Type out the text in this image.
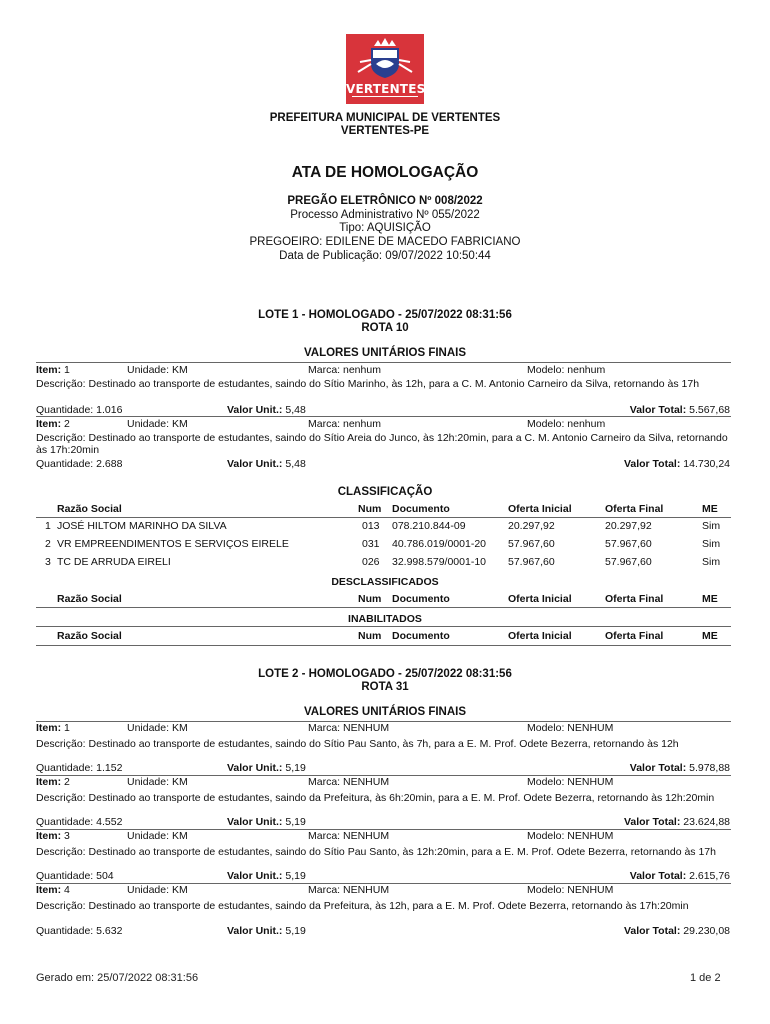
VERTENTES
PREFEITURA MUNICIPAL DE VERTENTES
VERTENTES-PE
ATA DE HOMOLOGAÇÃO
PREGÃO ELETRÔNICO Nº 008/2022
Processo Administrativo Nº 055/2022
Tipo: AQUISIÇÃO
PREGOEIRO: EDILENE DE MACEDO FABRICIANO
Data de Publicação: 09/07/2022 10:50:44
LOTE 1 - HOMOLOGADO - 25/07/2022 08:31:56
ROTA 10
VALORES UNITÁRIOS FINAIS
Item: 1	Unidade: KM	Marca: nenhum	Modelo: nenhum
Descrição: Destinado ao transporte de estudantes, saindo do Sítio Marinho, às 12h, para a C. M. Antonio Carneiro da Silva, retornando às 17h
Quantidade: 1.016	Valor Unit.: 5,48	Valor Total: 5.567,68
Item: 2	Unidade: KM	Marca: nenhum	Modelo: nenhum
Descrição: Destinado ao transporte de estudantes, saindo do Sítio Areia do Junco, às 12h:20min, para a C. M. Antonio Carneiro da Silva, retornando às 17h:20min
Quantidade: 2.688	Valor Unit.: 5,48	Valor Total: 14.730,24
CLASSIFICAÇÃO
Razão Social	Num Documento	Oferta Inicial	Oferta Final	ME
1 JOSÉ HILTOM MARINHO DA SILVA	013 078.210.844-09	20.297,92	20.297,92	Sim
2 VR EMPREENDIMENTOS E SERVIÇOS EIRELE	031 40.786.019/0001-20 57.967,60	57.967,60	Sim
3 TC DE ARRUDA EIRELI	026 32.998.579/0001-10 57.967,60	57.967,60	Sim
DESCLASSIFICADOS
Razão Social	Num Documento	Oferta Inicial	Oferta Final	ME
INABILITADOS
Razão Social	Num Documento	Oferta Inicial	Oferta Final	ME
LOTE 2 - HOMOLOGADO - 25/07/2022 08:31:56
ROTA 31
VALORES UNITÁRIOS FINAIS
Item: 1	Unidade: KM	Marca: NENHUM	Modelo: NENHUM
Descrição: Destinado ao transporte de estudantes, saindo do Sítio Pau Santo, às 7h, para a E. M. Prof. Odete Bezerra, retornando às 12h
Quantidade: 1.152	Valor Unit.: 5,19	Valor Total: 5.978,88
Item: 2	Unidade: KM	Marca: NENHUM	Modelo: NENHUM
Descrição: Destinado ao transporte de estudantes, saindo da Prefeitura, às 6h:20min, para a E. M. Prof. Odete Bezerra, retornando às 12h:20min
Quantidade: 4.552	Valor Unit.: 5,19	Valor Total: 23.624,88
Item: 3	Unidade: KM	Marca: NENHUM	Modelo: NENHUM
Descrição: Destinado ao transporte de estudantes, saindo do Sítio Pau Santo, às 12h:20min, para a E. M. Prof. Odete Bezerra, retornando às 17h
Quantidade: 504	Valor Unit.: 5,19	Valor Total: 2.615,76
Item: 4	Unidade: KM	Marca: NENHUM	Modelo: NENHUM
Descrição: Destinado ao transporte de estudantes, saindo da Prefeitura, às 12h, para a E. M. Prof. Odete Bezerra, retornando às 17h:20min
Quantidade: 5.632	Valor Unit.: 5,19	Valor Total: 29.230,08
Gerado em: 25/07/2022 08:31:56	1 de 2
